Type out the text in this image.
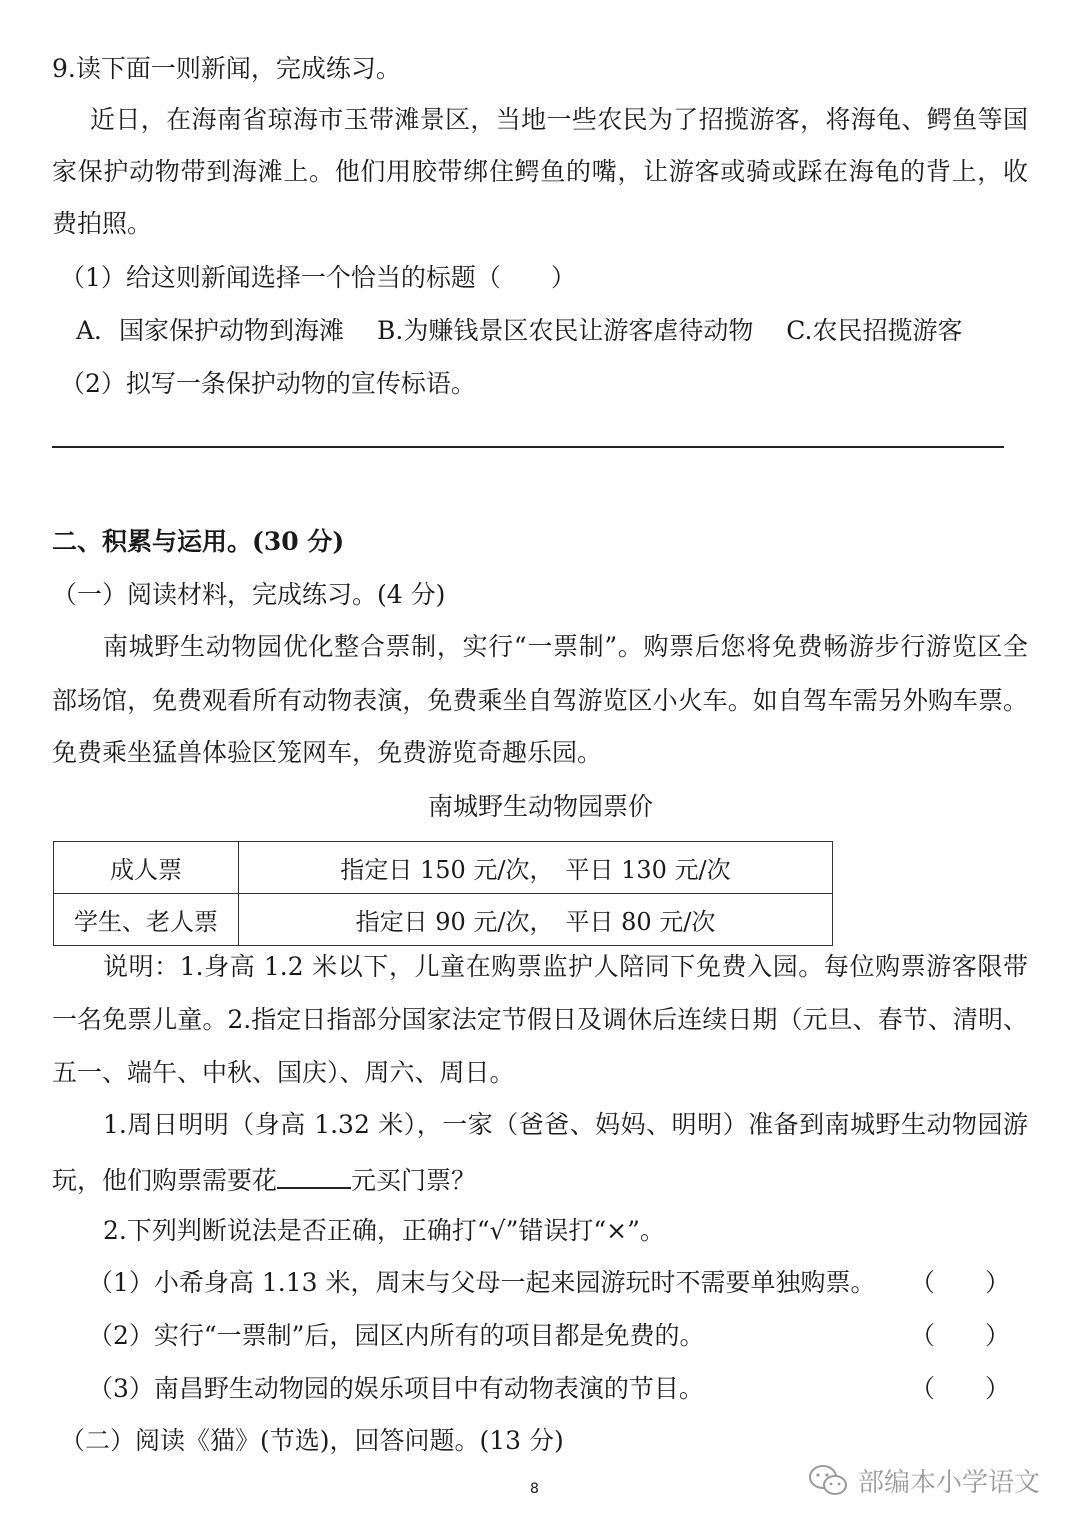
9.读下面一则新闻，完成练习。
近日，在海南省琼海市玉带滩景区，当地一些农民为了招揽游客，将海龟、鳄鱼等国
家保护动物带到海滩上。他们用胶带绑住鳄鱼的嘴，让游客或骑或踩在海龟的背上，收
费拍照。
（1）给这则新闻选择一个恰当的标题（　　）
A．国家保护动物到海滩　 B.为赚钱景区农民让游客虐待动物　 C.农民招揽游客
（2）拟写一条保护动物的宣传标语。
二、积累与运用。(30 分)
（一）阅读材料，完成练习。(4 分)
南城野生动物园优化整合票制，实行“一票制”。购票后您将免费畅游步行游览区全
部场馆，免费观看所有动物表演，免费乘坐自驾游览区小火车。如自驾车需另外购车票。
免费乘坐猛兽体验区笼网车，免费游览奇趣乐园。
南城野生动物园票价
成人票	指定日 150 元/次，　平日 130 元/次
学生、老人票	指定日 90 元/次，　平日 80 元/次
说明：1.身高 1.2 米以下，儿童在购票监护人陪同下免费入园。每位购票游客限带
一名免票儿童。2.指定日指部分国家法定节假日及调休后连续日期（元旦、春节、清明、
五一、端午、中秋、国庆）、周六、周日。
1.周日明明（身高 1.32 米），一家（爸爸、妈妈、明明）准备到南城野生动物园游
玩，他们购票需要花	元买门票？
2.下列判断说法是否正确，正确打“√”错误打“×”。
（1）小希身高 1.13 米，周末与父母一起来园游玩时不需要单独购票。 （　　）
（2）实行“一票制”后，园区内所有的项目都是免费的。	（　　）
（3）南昌野生动物园的娱乐项目中有动物表演的节目。	（　　）
（二）阅读《猫》(节选)，回答问题。(13 分)
8	部编本小学语文
